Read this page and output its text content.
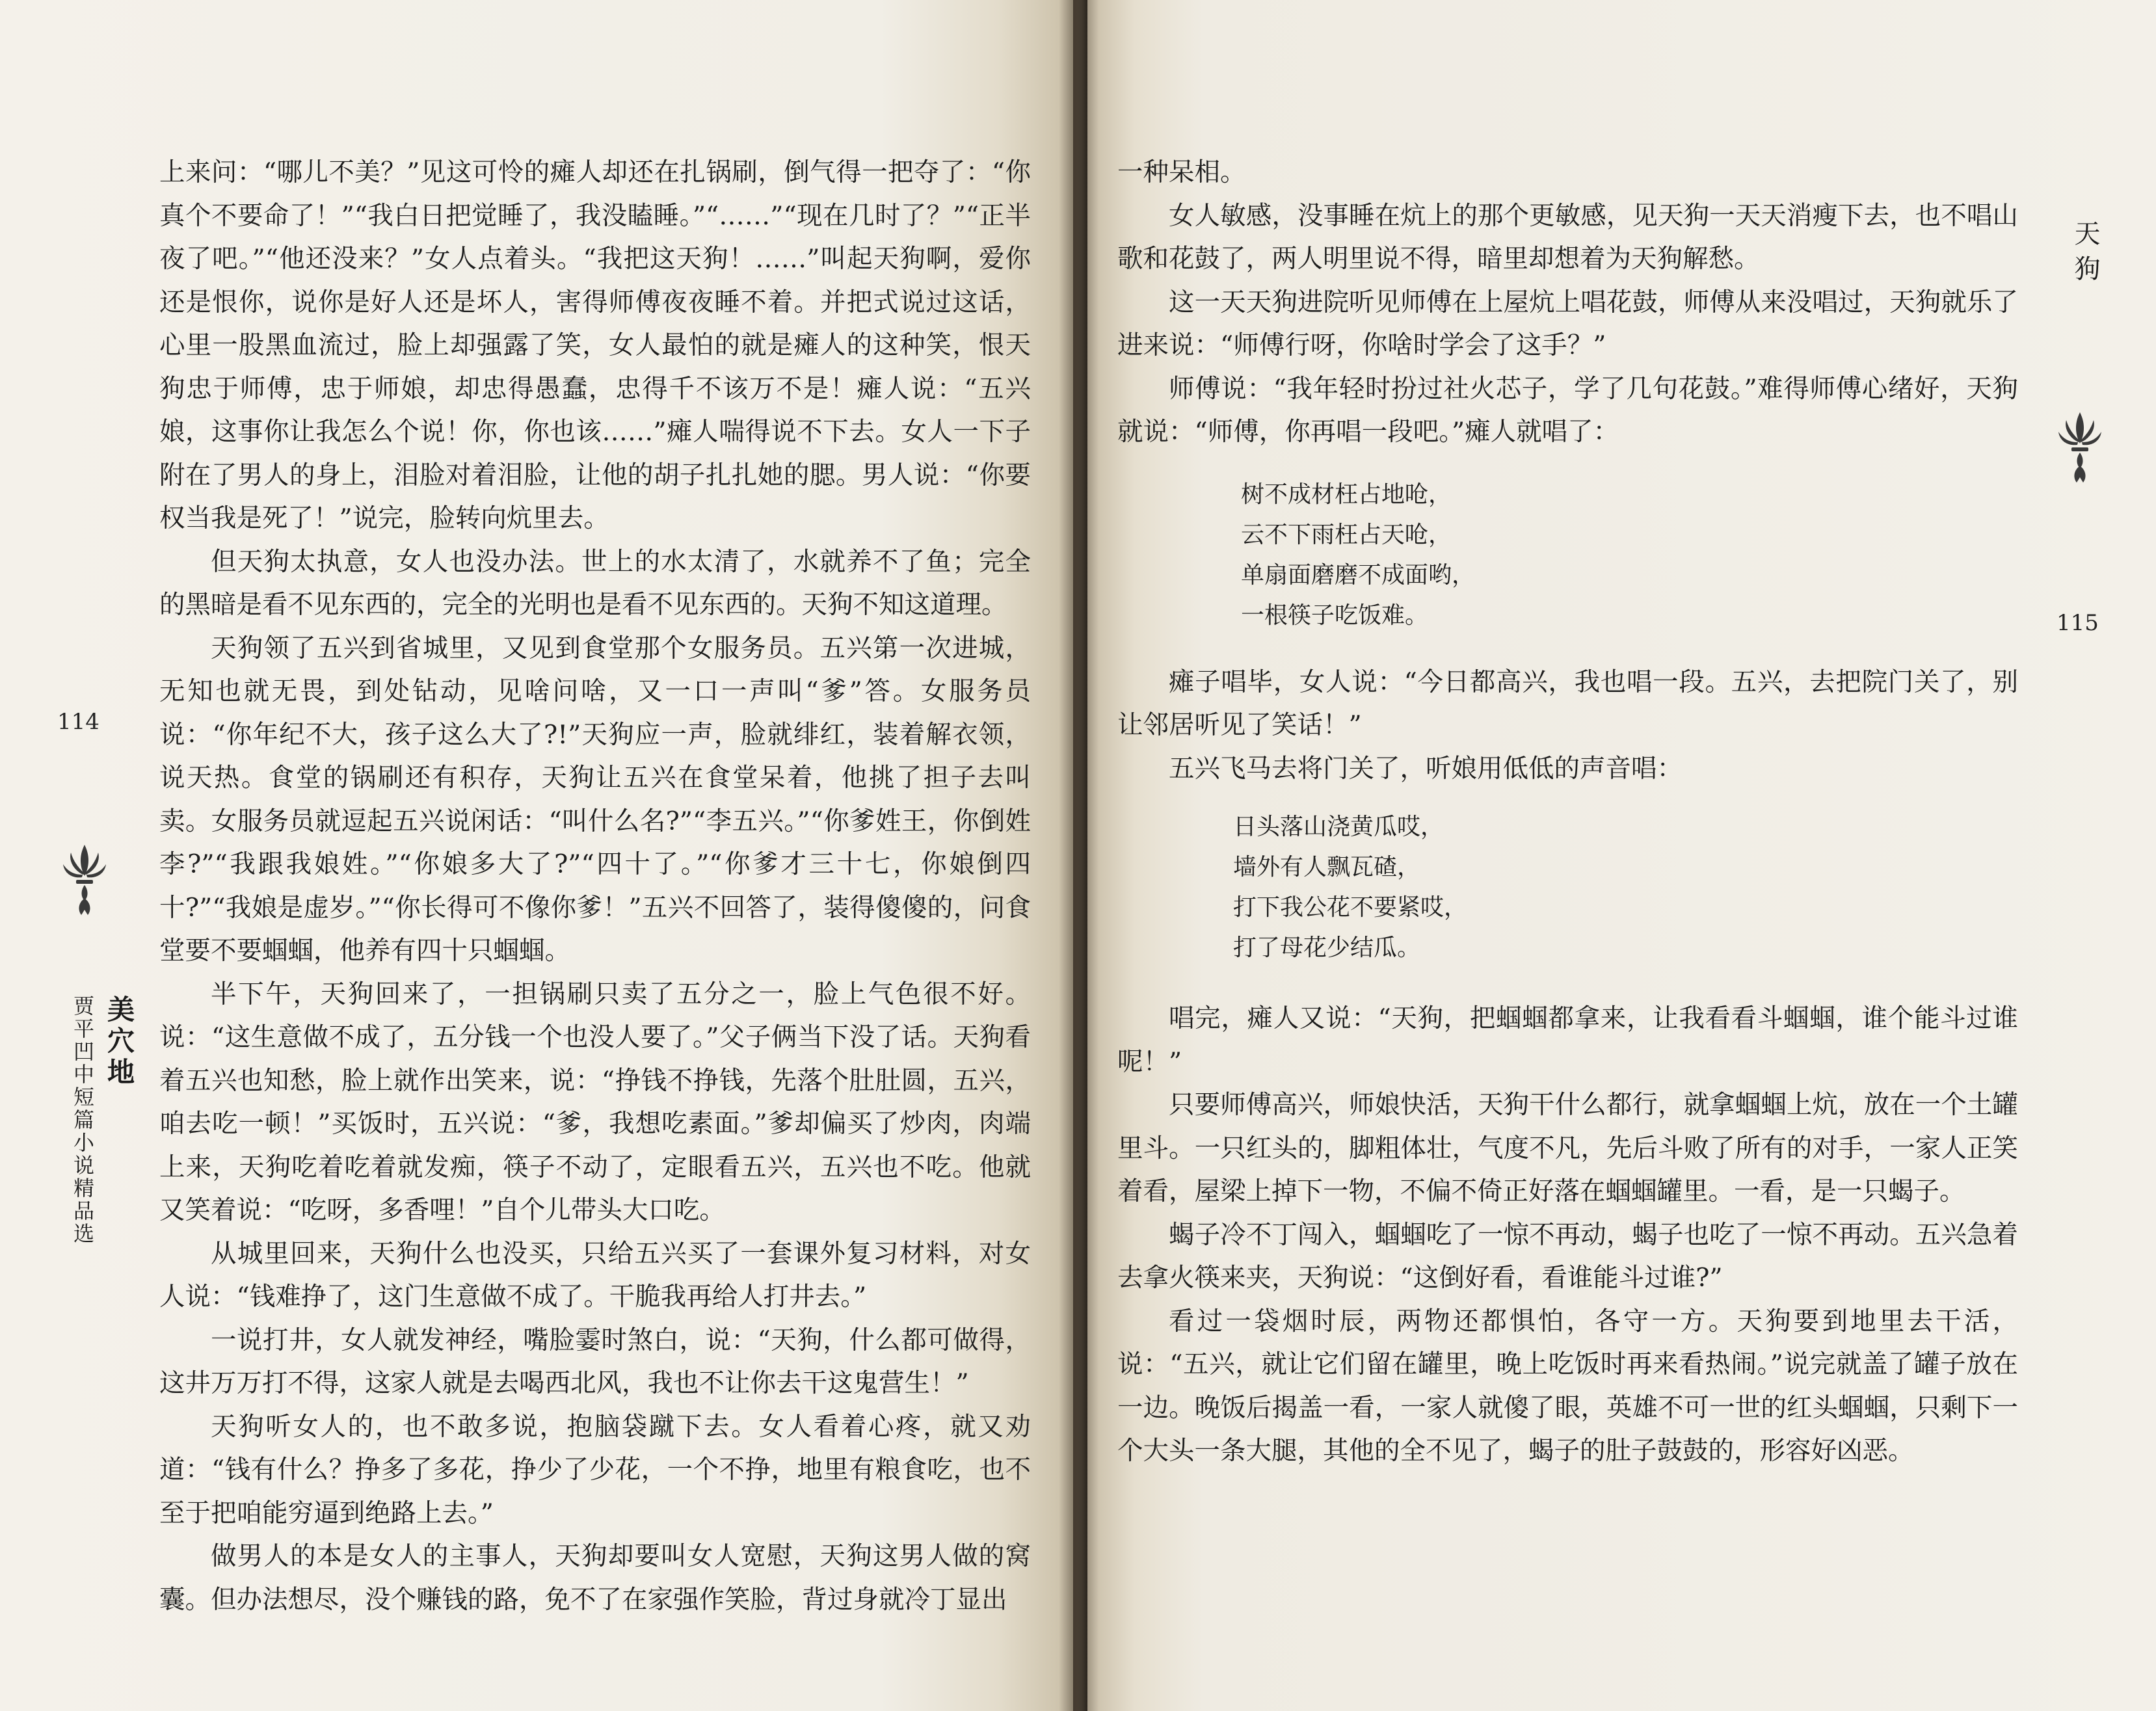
上来问：“哪儿不美？”见这可怜的瘫人却还在扎锅刷，倒气得一把夺了：“你真个不要命了！”“我白日把觉睡了，我没瞌睡。”“……”“现在几时了？”“正半夜了吧。”“他还没来？”女人点着头。“我把这天狗！……”叫起天狗啊，爱你还是恨你，说你是好人还是坏人，害得师傅夜夜睡不着。并把式说过这话，心里一股黑血流过，脸上却强露了笑，女人最怕的就是瘫人的这种笑，恨天狗忠于师傅，忠于师娘，却忠得愚蠢，忠得千不该万不是！瘫人说：“五兴娘，这事你让我怎么个说！你，你也该……”瘫人喘得说不下去。女人一下子附在了男人的身上，泪脸对着泪脸，让他的胡子扎扎她的腮。男人说：“你要权当我是死了！”说完，脸转向炕里去。

但天狗太执意，女人也没办法。世上的水太清了，水就养不了鱼；完全的黑暗是看不见东西的，完全的光明也是看不见东西的。天狗不知这道理。

天狗领了五兴到省城里，又见到食堂那个女服务员。五兴第一次进城，无知也就无畏，到处钻动，见啥问啥，又一口一声叫“爹”答。女服务员说：“你年纪不大，孩子这么大了?!”天狗应一声，脸就绯红，装着解衣领，说天热。食堂的锅刷还有积存，天狗让五兴在食堂呆着，他挑了担子去叫卖。女服务员就逗起五兴说闲话：“叫什么名?”“李五兴。”“你爹姓王，你倒姓李?”“我跟我娘姓。”“你娘多大了?”“四十了。”“你爹才三十七，你娘倒四十?”“我娘是虚岁。”“你长得可不像你爹！”五兴不回答了，装得傻傻的，问食堂要不要蝈蝈，他养有四十只蝈蝈。

半下午，天狗回来了，一担锅刷只卖了五分之一，脸上气色很不好。说：“这生意做不成了，五分钱一个也没人要了。”父子俩当下没了话。天狗看着五兴也知愁，脸上就作出笑来，说：“挣钱不挣钱，先落个肚肚圆，五兴，咱去吃一顿！”买饭时，五兴说：“爹，我想吃素面。”爹却偏买了炒肉，肉端上来，天狗吃着吃着就发痴，筷子不动了，定眼看五兴，五兴也不吃。他就又笑着说：“吃呀，多香哩！”自个儿带头大口吃。

从城里回来，天狗什么也没买，只给五兴买了一套课外复习材料，对女人说：“钱难挣了，这门生意做不成了。干脆我再给人打井去。”

一说打井，女人就发神经，嘴脸霎时煞白，说：“天狗，什么都可做得，这井万万打不得，这家人就是去喝西北风，我也不让你去干这鬼营生！”

天狗听女人的，也不敢多说，抱脑袋蹴下去。女人看着心疼，就又劝道：“钱有什么？挣多了多花，挣少了少花，一个不挣，地里有粮食吃，也不至于把咱能穷逼到绝路上去。”

做男人的本是女人的主事人，天狗却要叫女人宽慰，天狗这男人做的窝囊。但办法想尽，没个赚钱的路，免不了在家强作笑脸，背过身就冷丁显出

114
美穴地
贾平凹中短篇小说精品选

一种呆相。

女人敏感，没事睡在炕上的那个更敏感，见天狗一天天消瘦下去，也不唱山歌和花鼓了，两人明里说不得，暗里却想着为天狗解愁。

这一天天狗进院听见师傅在上屋炕上唱花鼓，师傅从来没唱过，天狗就乐了进来说：“师傅行呀，你啥时学会了这手？”

师傅说：“我年轻时扮过社火芯子，学了几句花鼓。”难得师傅心绪好，天狗就说：“师傅，你再唱一段吧。”瘫人就唱了：

树不成材枉占地呛，
云不下雨枉占天呛，
单扇面磨磨不成面哟，
一根筷子吃饭难。

瘫子唱毕，女人说：“今日都高兴，我也唱一段。五兴，去把院门关了，别让邻居听见了笑话！”

五兴飞马去将门关了，听娘用低低的声音唱：

日头落山浇黄瓜哎，
墙外有人飘瓦碴，
打下我公花不要紧哎，
打了母花少结瓜。

唱完，瘫人又说：“天狗，把蝈蝈都拿来，让我看看斗蝈蝈，谁个能斗过谁呢！”

只要师傅高兴，师娘快活，天狗干什么都行，就拿蝈蝈上炕，放在一个土罐里斗。一只红头的，脚粗体壮，气度不凡，先后斗败了所有的对手，一家人正笑着看，屋梁上掉下一物，不偏不倚正好落在蝈蝈罐里。一看，是一只蝎子。

蝎子冷不丁闯入，蝈蝈吃了一惊不再动，蝎子也吃了一惊不再动。五兴急着去拿火筷来夹，天狗说：“这倒好看，看谁能斗过谁?”

看过一袋烟时辰，两物还都惧怕，各守一方。天狗要到地里去干活，说：“五兴，就让它们留在罐里，晚上吃饭时再来看热闹。”说完就盖了罐子放在一边。晚饭后揭盖一看，一家人就傻了眼，英雄不可一世的红头蝈蝈，只剩下一个大头一条大腿，其他的全不见了，蝎子的肚子鼓鼓的，形容好凶恶。

天狗
115
